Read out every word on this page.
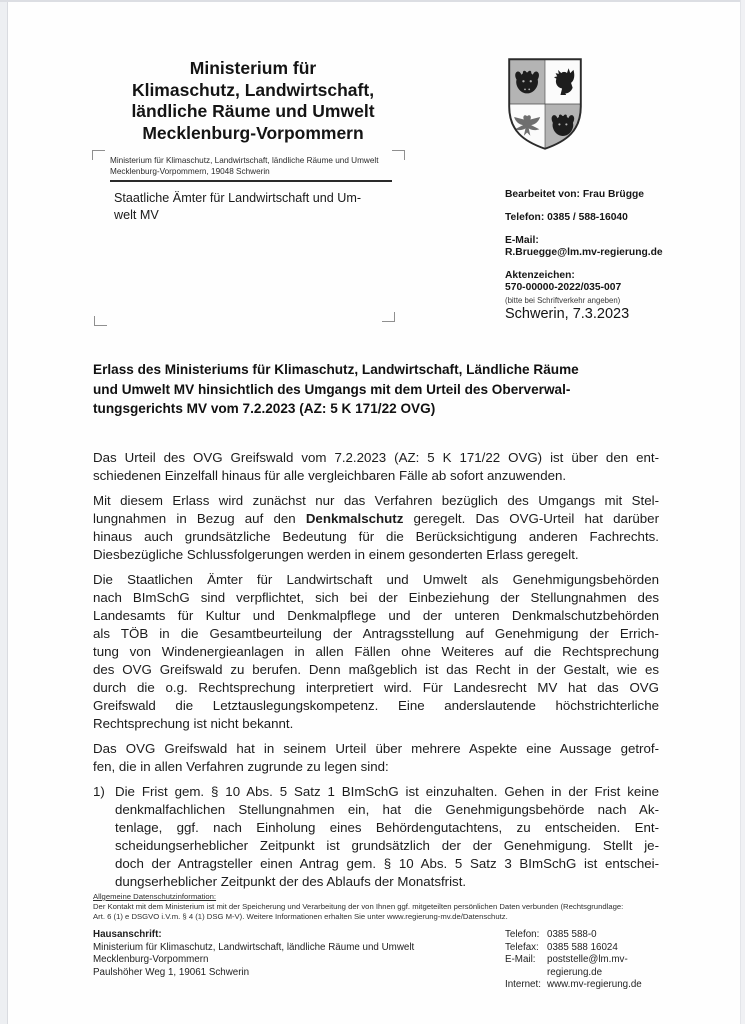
Ministerium für
Klimaschutz, Landwirtschaft,
ländliche Räume und Umwelt
Mecklenburg-Vorpommern
Ministerium für Klimaschutz, Landwirtschaft, ländliche Räume und Umwelt
Mecklenburg-Vorpommern, 19048 Schwerin
Staatliche Ämter für Landwirtschaft und Um-
welt MV
Bearbeitet von: Frau Brügge
Telefon: 0385 / 588-16040
E-Mail:
R.Bruegge@lm.mv-regierung.de
Aktenzeichen:
570-00000-2022/035-007
(bitte bei Schriftverkehr angeben)
Schwerin, 7.3.2023
Erlass des Ministeriums für Klimaschutz, Landwirtschaft, Ländliche Räume
und Umwelt MV hinsichtlich des Umgangs mit dem Urteil des Oberverwal-
tungsgerichts MV vom 7.2.2023 (AZ: 5 K 171/22 OVG)
Das Urteil des OVG Greifswald vom 7.2.2023 (AZ: 5 K 171/22 OVG) ist über den ent-
schiedenen Einzelfall hinaus für alle vergleichbaren Fälle ab sofort anzuwenden.
Mit diesem Erlass wird zunächst nur das Verfahren bezüglich des Umgangs mit Stel-
lungnahmen in Bezug auf den Denkmalschutz geregelt. Das OVG-Urteil hat darüber
hinaus auch grundsätzliche Bedeutung für die Berücksichtigung anderen Fachrechts.
Diesbezügliche Schlussfolgerungen werden in einem gesonderten Erlass geregelt.
Die Staatlichen Ämter für Landwirtschaft und Umwelt als Genehmigungsbehörden
nach BImSchG sind verpflichtet, sich bei der Einbeziehung der Stellungnahmen des
Landesamts für Kultur und Denkmalpflege und der unteren Denkmalschutzbehörden
als TÖB in die Gesamtbeurteilung der Antragsstellung auf Genehmigung der Errich-
tung von Windenergieanlagen in allen Fällen ohne Weiteres auf die Rechtsprechung
des OVG Greifswald zu berufen. Denn maßgeblich ist das Recht in der Gestalt, wie es
durch die o.g. Rechtsprechung interpretiert wird. Für Landesrecht MV hat das OVG
Greifswald die Letztauslegungskompetenz. Eine anderslautende höchstrichterliche
Rechtsprechung ist nicht bekannt.
Das OVG Greifswald hat in seinem Urteil über mehrere Aspekte eine Aussage getrof-
fen, die in allen Verfahren zugrunde zu legen sind:
1) Die Frist gem. § 10 Abs. 5 Satz 1 BImSchG ist einzuhalten. Gehen in der Frist keine
denkmalfachlichen Stellungnahmen ein, hat die Genehmigungsbehörde nach Ak-
tenlage, ggf. nach Einholung eines Behördengutachtens, zu entscheiden. Ent-
scheidungserheblicher Zeitpunkt ist grundsätzlich der der Genehmigung. Stellt je-
doch der Antragsteller einen Antrag gem. § 10 Abs. 5 Satz 3 BImSchG ist entschei-
dungserheblicher Zeitpunkt der des Ablaufs der Monatsfrist.
Allgemeine Datenschutzinformation:
Der Kontakt mit dem Ministerium ist mit der Speicherung und Verarbeitung der von Ihnen ggf. mitgeteilten persönlichen Daten verbunden (Rechtsgrundlage:
Art. 6 (1) e DSGVO i.V.m. § 4 (1) DSG M-V). Weitere Informationen erhalten Sie unter www.regierung-mv.de/Datenschutz.
Hausanschrift:
Ministerium für Klimaschutz, Landwirtschaft, ländliche Räume und Umwelt
Mecklenburg-Vorpommern
Paulshöher Weg 1, 19061 Schwerin
Telefon: 0385 588-0
Telefax: 0385 588 16024
E-Mail:	poststelle@lm.mv-regierung.de
Internet: www.mv-regierung.de
